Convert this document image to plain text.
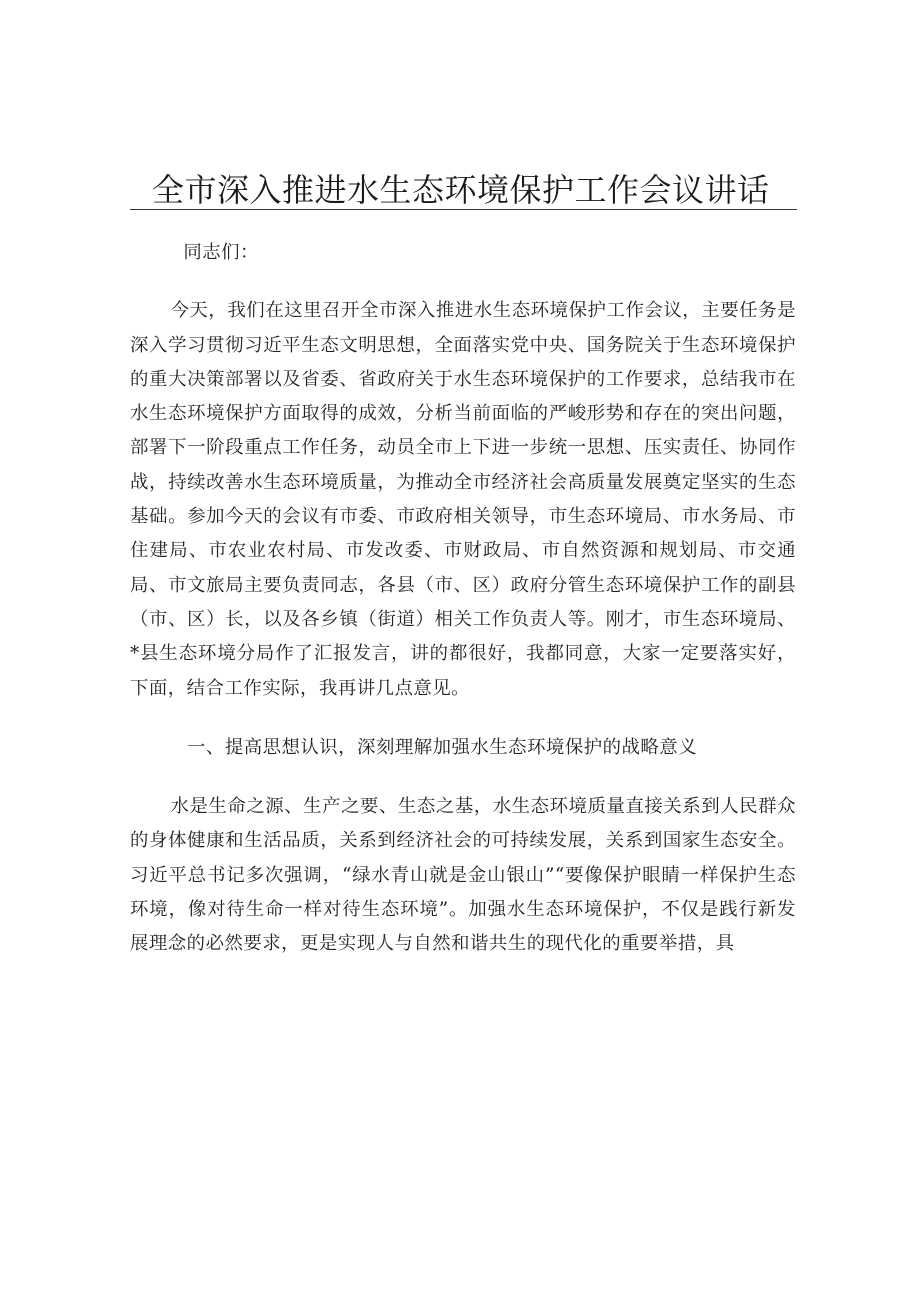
全市深入推进水生态环境保护工作会议讲话

同志们：

今天，我们在这里召开全市深入推进水生态环境保护工作会议，主要任务是深入学习贯彻习近平生态文明思想，全面落实党中央、国务院关于生态环境保护的重大决策部署以及省委、省政府关于水生态环境保护的工作要求，总结我市在水生态环境保护方面取得的成效，分析当前面临的严峻形势和存在的突出问题，部署下一阶段重点工作任务，动员全市上下进一步统一思想、压实责任、协同作战，持续改善水生态环境质量，为推动全市经济社会高质量发展奠定坚实的生态基础。参加今天的会议有市委、市政府相关领导，市生态环境局、市水务局、市住建局、市农业农村局、市发改委、市财政局、市自然资源和规划局、市交通局、市文旅局主要负责同志，各县（市、区）政府分管生态环境保护工作的副县（市、区）长，以及各乡镇（街道）相关工作负责人等。刚才，市生态环境局、*县生态环境分局作了汇报发言，讲的都很好，我都同意，大家一定要落实好，下面，结合工作实际，我再讲几点意见。

一、提高思想认识，深刻理解加强水生态环境保护的战略意义

水是生命之源、生产之要、生态之基，水生态环境质量直接关系到人民群众的身体健康和生活品质，关系到经济社会的可持续发展，关系到国家生态安全。习近平总书记多次强调，“绿水青山就是金山银山”“要像保护眼睛一样保护生态环境，像对待生命一样对待生态环境”。加强水生态环境保护，不仅是践行新发展理念的必然要求，更是实现人与自然和谐共生的现代化的重要举措，具
